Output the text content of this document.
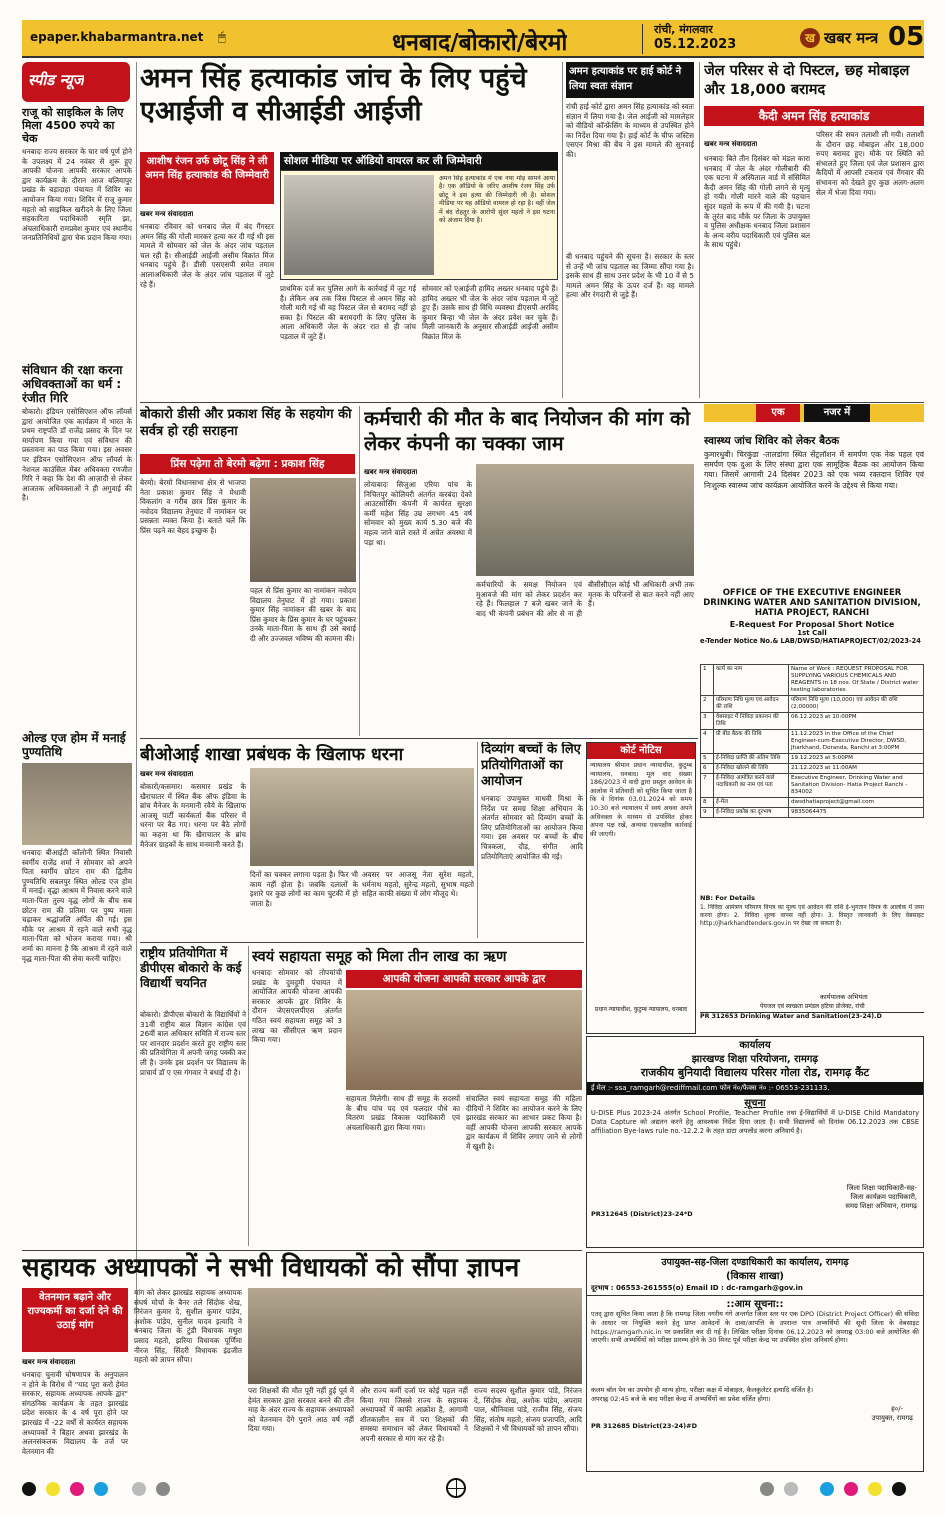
epaper.khabarmantra.net 🖱	धनबाद/बोकारो/बेरमो
रांची, मंगलवार
05.12.2023	ख खबर मन्त्र 05
स्पीड न्यूज
राजू को साइकिल के लिए मिला 4500 रुपये का चेक
धनबादः राज्य सरकार के चार वर्ष पूर्ण होने के उपलक्ष्य में 24 नवंबर से शुरू हुए आपकी योजना आपकी सरकार आपके द्वार कार्यक्रम के दौरान आज बलियापुर प्रखंड के बड़ादाहा पंचायत में शिविर का आयोजन किया गया। शिविर में राजू कुमार महतो को साइकिल खरीदने के लिए जिला सहकारिता पदाधिकारी स्मृति झा, अंचलाधिकारी रामप्रवेश कुमार एवं स्थानीय जनप्रतिनिधियों द्वारा चेक प्रदान किया गया।
संविधान की रक्षा करना अधिवक्ताओं का धर्म : रंजीत गिरि
बोकारो। इंडियन एसोसिएशन ऑफ लॉयर्स द्वारा आयोजित एक कार्यक्रम में भारत के प्रथम राष्ट्रपति डॉ राजेंद्र प्रसाद के दिन पर मार्यापण किया गया एवं संविधान की प्रस्तावना का पाठ किया गया। इस अवसर पर इंडियन एसोसिएशन ऑफ लॉयर्स के नेशनल काउंसिल मेंबर अधिवक्ता रणजीत गिरि ने कहा कि देश की आज़ादी से लेकर आजतक अधिवक्ताओं ने ही अगुवाई की है।
ओल्ड एज होम में मनाई पुण्यतिथि
धनबादः बीआईटी कॉलोनी स्थित निवासी स्वर्गीय राजेंद्र शर्मा ने सोमवार को अपने पिता स्वर्गीय छोटन राम की द्वितीय पुण्यतिथि सबलपुर स्थित ओल्ड एज होम में मनाई। वृद्धा आश्रम में निवास करने वाले माता-पिता तुल्य वृद्ध लोगों के बीच सब छोटन राम की प्रतिमा पर पुष्प माला चढ़ाकर श्रद्धांजलि अर्पित की गई। इस मौके पर आश्रम में रहने वाले सभी वृद्ध माता-पिता को भोजन कराया गया। श्री शर्मा का मानना है कि आश्रम में रहने वाले वृद्ध माता-पिता की सेवा करनी चाहिए।
अमन सिंह हत्याकांड जांच के लिए पहुंचे एआईजी व सीआईडी आईजी
आशीष रंजन उर्फ छोटू सिंह ने ली अमन सिंह हत्याकांड की जिम्मेवारी
खबर मन्त्र संवाददाता
धनबादः रविवार को धनबाद जेल में बंद गैंगस्टर अमन सिंह की गोली मारकर हत्या कर दी गई थी इस मामले में सोमवार को जेल के अंदर जांच पड़ताल चल रही है। सीआईडी आईजी असीम विक्रांत मिंज धनबाद पहुंचे हैं। डीसी एसएसपी समेत तमाम आलाअधिकारी जेल के अंदर जांच पड़ताल में जुटे रहे हैं।
सोशल मीडिया पर ऑडियो वायरल कर ली जिम्मेवारी
अमन सिंह हत्याकांड में एक नया मोड़ सामने आया है। एक ऑडियो के जरिए आशीष रंजन सिंह उर्फ छोटू ने इस हत्या की जिम्मेदारी ली है। सोशल मीडिया पर यह ऑडियो वायरल हो रहा है। वहीं जेल में बंद रोहतुर के आरोपी सुंदर महतो ने इस घटना को अंजाम दिया है।
प्राथमिक दर्ज कर पुलिस आगे के कार्रवाई में जुट गई है। लेकिन अब तक जिस पिस्टल से अमन सिंह को गोली मारी गई थी वह पिस्टल जेल से बरामद नहीं हो सका है। पिस्टल की बरामदगी के लिए पुलिस के आला अधिकारी जेल के अंदर रात से ही जांच पड़ताल में जुटे हैं।
सोमवार को एआईजी हामिद अख्तर धनबाद पहुंचे हैं। हामिद अख्तर भी जेल के अंदर जांच पड़ताल में जुटे हुए हैं। उसके साथ ही विधि व्यवस्था डीएसपी अरविंद कुमार बिन्हा भी जेल के अंदर प्रवेश कर चुके हैं। मिली जानकारी के अनुसार सीआईडी आईजी असीम विक्रांत मिंज के
अमन हत्याकांड पर हाई कोर्ट ने लिया स्वतः संज्ञान
रांची हाई कोर्ट द्वारा अमन सिंह हत्याकांड को स्वतः संज्ञान में लिया गया है। जेल आईजी को मामलेहार को वीडियो कॉन्फ्रेंसिंग के माध्यम से उपस्थित होने का निर्देश दिया गया है। हाई कोर्ट के चीफ जस्टिस एसएन मिश्रा की बेंच ने इस मामले की सुनवाई की।
बी धनबाद पहुंचने की सूचना है। सरकार के स्तर से उन्हें भी जांच पड़ताल का जिम्मा सौंपा गया है। इसके साथ ही साथ उत्तर प्रदेश के भी 10 वें से 5 मामले अमन सिंह के ऊपर दर्ज हैं। वह मामले हत्या और रंगदारी से जुड़े हैं।
जेल परिसर से दो पिस्टल, छह मोबाइल और 18,000 बरामद
कैदी अमन सिंह हत्याकांड
खबर मन्त्र संवाददाता
धनबादः बिते तीन दिसंबर को मंडल कारा धनबाद में जेल के अंदर गोलीबारी की एक घटना में अस्पिताल वार्ड में संसिमित कैदी अमन सिंह की गोली लगने से मृत्यु हो गयी। गोली मारने वाले की पहचान सुंदर महतो के रूप में की गयी है। घटना के तुरंत बाद मौके पर जिला के उपायुक्त व पुलिस अधीक्षक धनबाद जिला प्रशासन के अन्य वरीय पदाधिकारी एवं पुलिस बल के साथ पहुंचे।
परिसर की सघन तलाशी ली गयी। तलाशी के दौरान छह मोबाइल और 18,000 रुपए बरामद हुए। मौके पर स्थिति को संभालते हुए जिला एवं जेल प्रशासन द्वारा कैदियों में आपसी टकराव एवं गैंगवार की संभावना को देखते हुए कुछ अलग-अलग सेल में भेजा दिया गया।
एक	नजर में
स्वास्थ्य जांच शिविर को लेकर बैठक
कुमारधुबी। चिरकुंडा -तालडांगा स्थित सेंट्रलॉशन में समर्पण एक नेक पहल एवं समर्पण एक दुआ के लिए संस्था द्वारा एक सामूहिक बैठक का आयोजन किया गया। जिसमें आगामी 24 दिसंबर 2023 को एक भव्य रक्तदान शिविर एवं निःशुल्क स्वास्थ्य जांच कार्यक्रम आयोजित करने के उद्देश्य से किया गया।
OFFICE OF THE EXECUTIVE ENGINEER
DRINKING WATER AND SANITATION DIVISION,
HATIA PROJECT, RANCHI
E-Request For Proposal Short Notice
1st Call
e-Tender Notice No.& LAB/DWSD/HATIAPROJECT/02/2023-24
1	कार्य का नाम	Name of Work : REQUEST PROPOSAL FOR SUPPLYING VARIOUS CHEMICALS AND REAGENTS in 18 nos. Of State / District water testing laboratories
2	परिमाण निधि मूल्य एवं आवेदन की राशि	परिमाण निधि मूल्य (10,000) एवं आवेदन की राशि (2,00000)
3	वेबसाइट में निविदा प्रकाशन की तिथि	06.12.2023 at 10:00PM
4	प्री बीड बैठक की तिथि	11.12.2023 in the Office of the Chief Engineer-cum-Executive Director, DWSD, Jharkhand, Doranda, Ranchi at 3:00PM
5	ई-निविदा प्राप्ति की अंतिम तिथि	19.12.2023 at 5:00PM
6	ई-निविदा खोलने की तिथि	21.12.2023 at 11:00AM
7	ई-निविदा आमंत्रित करने वाले पदाधिकारी का नाम एवं पता	Executive Engineer, Drinking Water and Sanitation Division- Hatia Project Ranchi - 834002
8	ई-मेल	dwsdhatiaproject@gmail.com
9	ई-निविदा प्रकोष्ठ का दूरभाष	9835064475
NB: For Details
1. निविदा आमंत्रण परिमाण विपत्र का मूल्य एवं आवेदन की राशि ई-भुगतान विपत्र के आलोक में जमा करना होगा। 2. निविदा शुल्क वापस नहीं होगा। 3. विस्तृत जानकारी के लिए वेबसाइट http://jharkhandtenders.gov.in पर देखा जा सकता है।
कार्यपालक अभियंता
पेयजल एवं स्वच्छता प्रमंडल हटिया प्रोजेक्ट, रांची
PR 312653 Drinking Water and Sanitation(23-24).D
बोकारो डीसी और प्रकाश सिंह के सहयोग की सर्वत्र हो रही सराहना
प्रिंस पढ़ेगा तो बेरमो बढ़ेगा : प्रकाश सिंह
बेरमो। बेरमो विधानसभा क्षेत्र से भाजपा नेता प्रकाश कुमार सिंह ने मेधावी विकलांग व गरीब छात्र प्रिंस कुमार के नवोदय विद्यालय तेनुघाट में नामांकन पर प्रसन्नता व्यक्त किया है। बताते चलें कि प्रिंस पढ़ने का बेहद इच्छुक है।
पहल से प्रिंस कुमार का नामांकन नवोदय विद्यालय तेनुघाट में हो गया। प्रकाश कुमार सिंह नामांकन की खबर के बाद प्रिंस कुमार के प्रिंस कुमार के घर पहुंचकर उनके माता-पिता के साथ ही उसे बधाई दी और उज्जवल भविष्य की कामना की।
कर्मचारी की मौत के बाद नियोजन की मांग को लेकर कंपनी का चक्का जाम
खबर मन्त्र संवाददाता
लोयाबादः सिजुआ एरिया पांच के निचितपुर कोलियरी अंतर्गत करबंदा देको आउटसोर्सिंग कंपनी में कार्यरत सुरक्षा कर्मी महेश सिंह उम्र लगभग 45 वर्ष सोमवार को मुख्य कार्य 5.30 बजे की महत्व जाने वाले रास्ते में अचेत अवस्था में पड़ा था।
कर्मचारियों के समक्ष नियोजन एवं मुआवजे की मांग को लेकर प्रदर्शन कर रहे हैं। फिलहाल 7 बजे खबर जाने के बाद भी कंपनी प्रबंधन की ओर से ना ही बीसीसीएल कोई भी अधिकारी अभी तक मृतक के परिजनों से बात करने नहीं आए हैं।
बीओआई शाखा प्रबंधक के खिलाफ धरना
खबर मन्त्र संवाददाता
बोकारो/कसमार। कसमार प्रखंड के खैराचातर में स्थित बैंक ऑफ इंडिया के ब्रांच मैनेजर के मनमानी रवैये के खिलाफ आजसू पार्टी कार्यकर्ता बैंक परिसर में धरना पर बैठ गए। धरना पर बैठे लोगों का कहना था कि खैराचातर के ब्रांच मैनेजर ग्राहकों के साथ मनमानी करते हैं।
दिनों का चक्कर लगाना पड़ता है। फिर भी काम नहीं होता है। जबकि दलालों के इशारे पर कुछ लोगों का काम चुटकी में हो जाता है।
अवसर पर आजसू नेता सुरेश महतो, धर्मनाथ महतो, सुरेन्द्र महतो, सुभाष महतो सहित काफी संख्या में लोग मौजूद थे।
दिव्यांग बच्चों के लिए प्रतियोगिताओं का आयोजन
धनबादः उपायुक्त माधवी मिश्रा के निर्देश पर समग्र शिक्षा अभियान के अंतर्गत सोमवार को दिव्यांग बच्चों के लिए प्रतियोगिताओं का आयोजन किया गया। इस अवसर पर बच्चों के बीच चित्रकला, दौड़, संगीत आदि प्रतियोगिताएं आयोजित की गईं।
कोर्ट नोटिस
न्यायालय श्रीमान प्रधान न्यायाधीश, कुटुम्ब न्यायालय, धनबाद। मूल वाद संख्या 186/2023 में वादी द्वारा प्रस्तुत आवेदन के आलोक में प्रतिवादी को सूचित किया जाता है कि वे दिनांक 03.01.2024 को समय 10:30 बजे न्यायालय में स्वयं अथवा अपने अधिवक्ता के माध्यम से उपस्थित होकर अपना पक्ष रखें, अन्यथा एकपक्षीय कार्रवाई की जाएगी।
प्रधान न्यायाधीश, कुटुम्ब न्यायालय, धनबाद
राष्ट्रीय प्रतियोगिता में डीपीएस बोकारो के कई विद्यार्थी चयनित
बोकारो। डीपीएस बोकारो के विद्यार्थियों ने 31वीं राष्ट्रीय बाल विज्ञान कांग्रेस एवं 26वीं बाल अधिकार समिति में राज्य स्तर पर शानदार प्रदर्शन करते हुए राष्ट्रीय स्तर की प्रतियोगिता में अपनी जगह पक्की कर ली है। उनके इस प्रदर्शन पर विद्यालय के प्राचार्य डॉ ए एस गंगवार ने बधाई दी है।
स्वयं सहायता समूह को मिला तीन लाख का ऋण
धनबादः सोमवार को तोपचांची प्रखंड के दुमदुमी पंचायत में आयोजित आपकी योजना आपकी सरकार आपके द्वार शिविर के दौरान जेएसएलपीएस अंतर्गत गठित स्वयं सहायता समूह को 3 लाख का सीसीएल ऋण प्रदान किया गया।
आपकी योजना आपकी सरकार आपके द्वार
सहायता मिलेगी। साथ ही समूह के सदस्यों के बीच पांच पद एवं फलदार पौधे का वितरण प्रखंड विकास पदाधिकारी एवं अंचलाधिकारी द्वारा किया गया।
संचालित स्वयं सहायता समूह की महिला दीदियों ने शिविर का आयोजन करने के लिए झारखंड सरकार का आभार प्रकट किया है। वहीं आपकी योजना आपकी सरकार आपके द्वार कार्यक्रम में शिविर लगाए जाने से लोगों में खुशी है।
कार्यालय
झारखण्ड शिक्षा परियोजना, रामगढ़
राजकीय बुनियादी विद्यालय परिसर गोला रोड, रामगढ़ कैंट
ई मेल :- ssa_ramgarh@rediffmail.com फोन नं०/फैक्स नं० :- 06553-231133.
सूचना
U-DISE Plus 2023-24 अंतर्गत School Profile, Teacher Profile तथा ई-विद्यार्थियों में U-DISE Child Mandatory Data Capture को अद्यतन करने हेतु आवश्यक निर्देश दिया जाता है। सभी विद्यालयों को दिनांक 06.12.2023 तक CBSE affiliation Bye-laws rule no.-12.2.2 के तहत डाटा अपलोड करना अनिवार्य है।
जिला शिक्षा पदाधिकारी-सह-
जिला कार्यक्रम पदाधिकारी,
समग्र शिक्षा अभियान, रामगढ़
PR312645 (District)23-24*D
सहायक अध्यापकों ने सभी विधायकों को सौंपा ज्ञापन
वेतनमान बढ़ाने और राज्यकर्मी का दर्जा देने की उठाई मांग
खबर मन्त्र संवाददाता
धनबादः चुनावी घोषणापत्र के अनुपालन न होने के विरोध में "याद पूरा करो हेमंत सरकार, सहायक अध्यापक आपके द्वार" संगठनिक कार्यक्रम के तहत झारखंड प्रदेश सरकार के 4 वर्ष पूरा होने पर झारखंड में -22 वर्षों से कार्यरत सहायक अध्यापकों ने बिहार अथवा झारखंड के अलनसंकलक विद्यालय के तर्ज पर वेतनमान की
मांग को लेकर झारखंड सहायक अध्यापक संघर्ष मोर्चा के बैनर तले सिंदोक शेख, निरंजन कुमार दे, सुशील कुमार पांडेय, अशोक पांडेय, सुनील यादव इत्यादि ने धनबाद जिला के टुंडी विधायक मथुरा प्रसाद महतो, झरिया विधायक पूर्णिमा नीरज सिंह, सिंदरी विधायक इंद्रजीत महतो को ज्ञापन सौंपा।
परा शिक्षकों की मौत पूरी नहीं हुई पूर्व में हेमंत सरकार द्वारा सरकार बनने की तीन माह के अंदर राज्य के सहायक अध्यापकों को वेतनमान देंगे पुराने आठ वर्ष नहीं दिया गया।
और राज्य कर्मी दर्जा पर कोई पहल नहीं किया गया जिससे राज्य के सहायक अध्यापकों में काफी आक्रोश है, आगामी शीतकालीन सत्र में परा शिक्षकों की समस्या समाधान को लेकर विधायकों ने अपनी सरकार से मांग कर रहे हैं।
राज्य सदस्य सुशील कुमार पांडे, निरंजन दे, सिंदोक शेख, अशोक पांडेय, अपराम पाल, श्रीनिवास पांडे, राजीव सिंह, संजय सिंह, संतोष महतो, संजय प्रजापति, आदि शिक्षकों ने भी विधायकों को ज्ञापन सौंपा।
उपायुक्त-सह-जिला दण्डाधिकारी का कार्यालय, रामगढ़
(विकास शाखा)
दूरभाष : 06553-261555(o) Email ID : dc-ramgarh@gov.in
::आम सूचना::
एतद् द्वारा सूचित किया जाता है कि रामगढ़ जिला नगरीय गंगे अन्तर्गत जिला स्तर पर एक DPO (District Project Officer) की संविदा के आधार पर नियुक्ति करने हेतु प्राप्त आवेदनों के दावा/आपत्ति के उपरान्त पात्र अभ्यर्थियों की सूची जिला के वेबसाइट https://ramgarh.nic.in पर प्रकाशित कर दी गई है। लिखित परीक्षा दिनांक 06.12.2023 को अपराह्न 03:00 बजे आयोजित की जाएगी। सभी अभ्यर्थियों को परीक्षा प्रारम्भ होने के 30 मिनट पूर्व परीक्षा केन्द्र पर उपस्थित होना अनिवार्य होगा।
कलम बॉल पेन का उपयोग ही मान्य होगा, परीक्षा कक्ष में मोबाइल, कैलकुलेटर इत्यादि वर्जित है।
अपराह्न 02:45 बजे के बाद परीक्षा केन्द्र में अभ्यर्थियों का प्रवेश वर्जित होगा।
ह०/-
उपायुक्त, रामगढ़
PR 312685 District(23-24)#D
